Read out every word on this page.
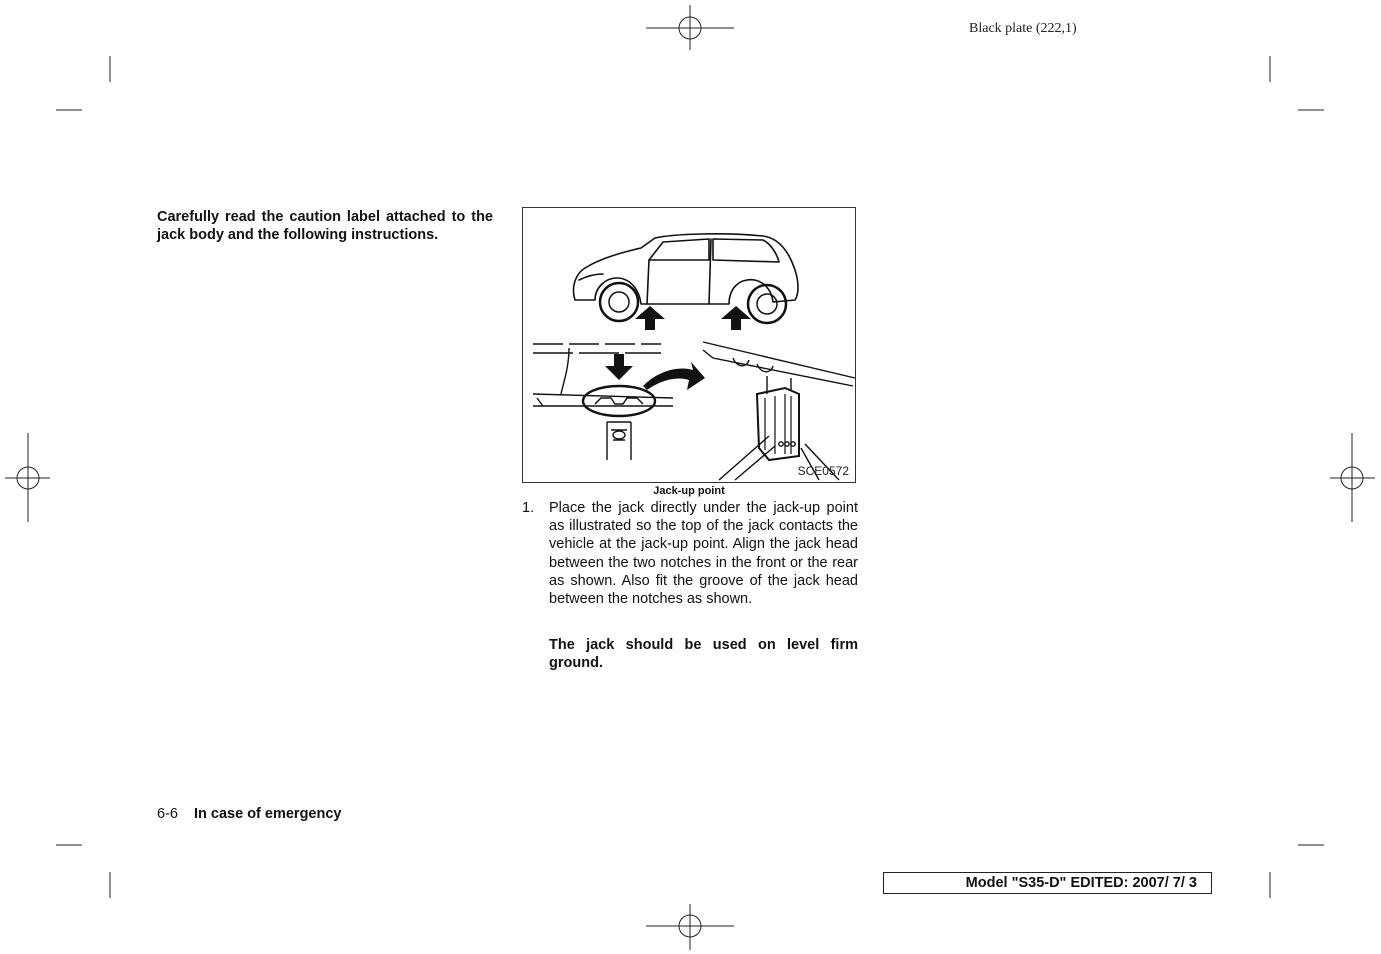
Black plate (222,1)
Carefully read the caution label attached to the jack body and the following instructions.
SCE0572
Jack-up point
1. Place the jack directly under the jack-up point as illustrated so the top of the jack contacts the vehicle at the jack-up point. Align the jack head between the two notches in the front or the rear as shown. Also fit the groove of the jack head between the notches as shown.
The jack should be used on level firm ground.
6-6 In case of emergency
Model "S35-D" EDITED: 2007/ 7/ 3
